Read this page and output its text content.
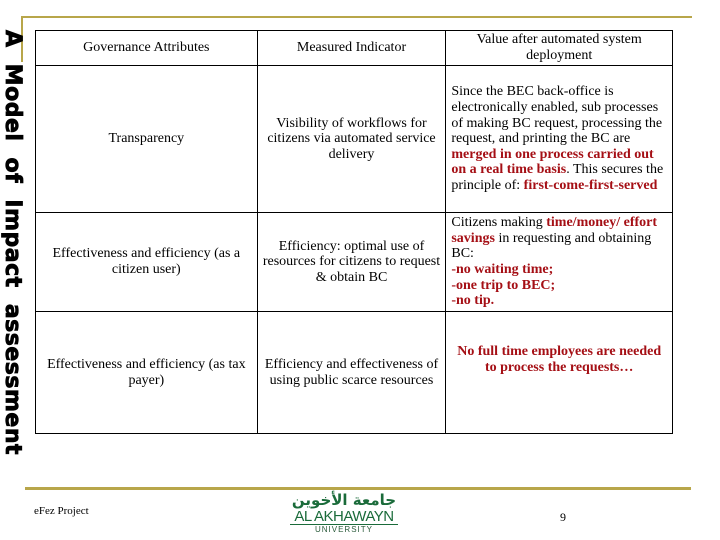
A Model of Impact assessment	Governance Attributes	Measured Indicator	Value after automated system deployment
Transparency	Visibility of workflows for citizens via automated service delivery	Since the BEC back-office is electronically enabled, sub processes of making BC request, processing the request, and printing the BC are merged in one process carried out on a real time basis. This secures the principle of: first-come-first-served
Effectiveness and efficiency (as a citizen user)	Efficiency: optimal use of resources for citizens to request & obtain BC	Citizens making time/money/ effort savings in requesting and obtaining BC:
-no waiting time;
-one trip to BEC;
-no tip.
Effectiveness and efficiency (as tax payer)	Efficiency and effectiveness of using public scarce resources	No full time employees are needed to process the requests…
eFez Project
جامعة الأخوين
AL AKHAWAYN
UNIVERSITY
9
